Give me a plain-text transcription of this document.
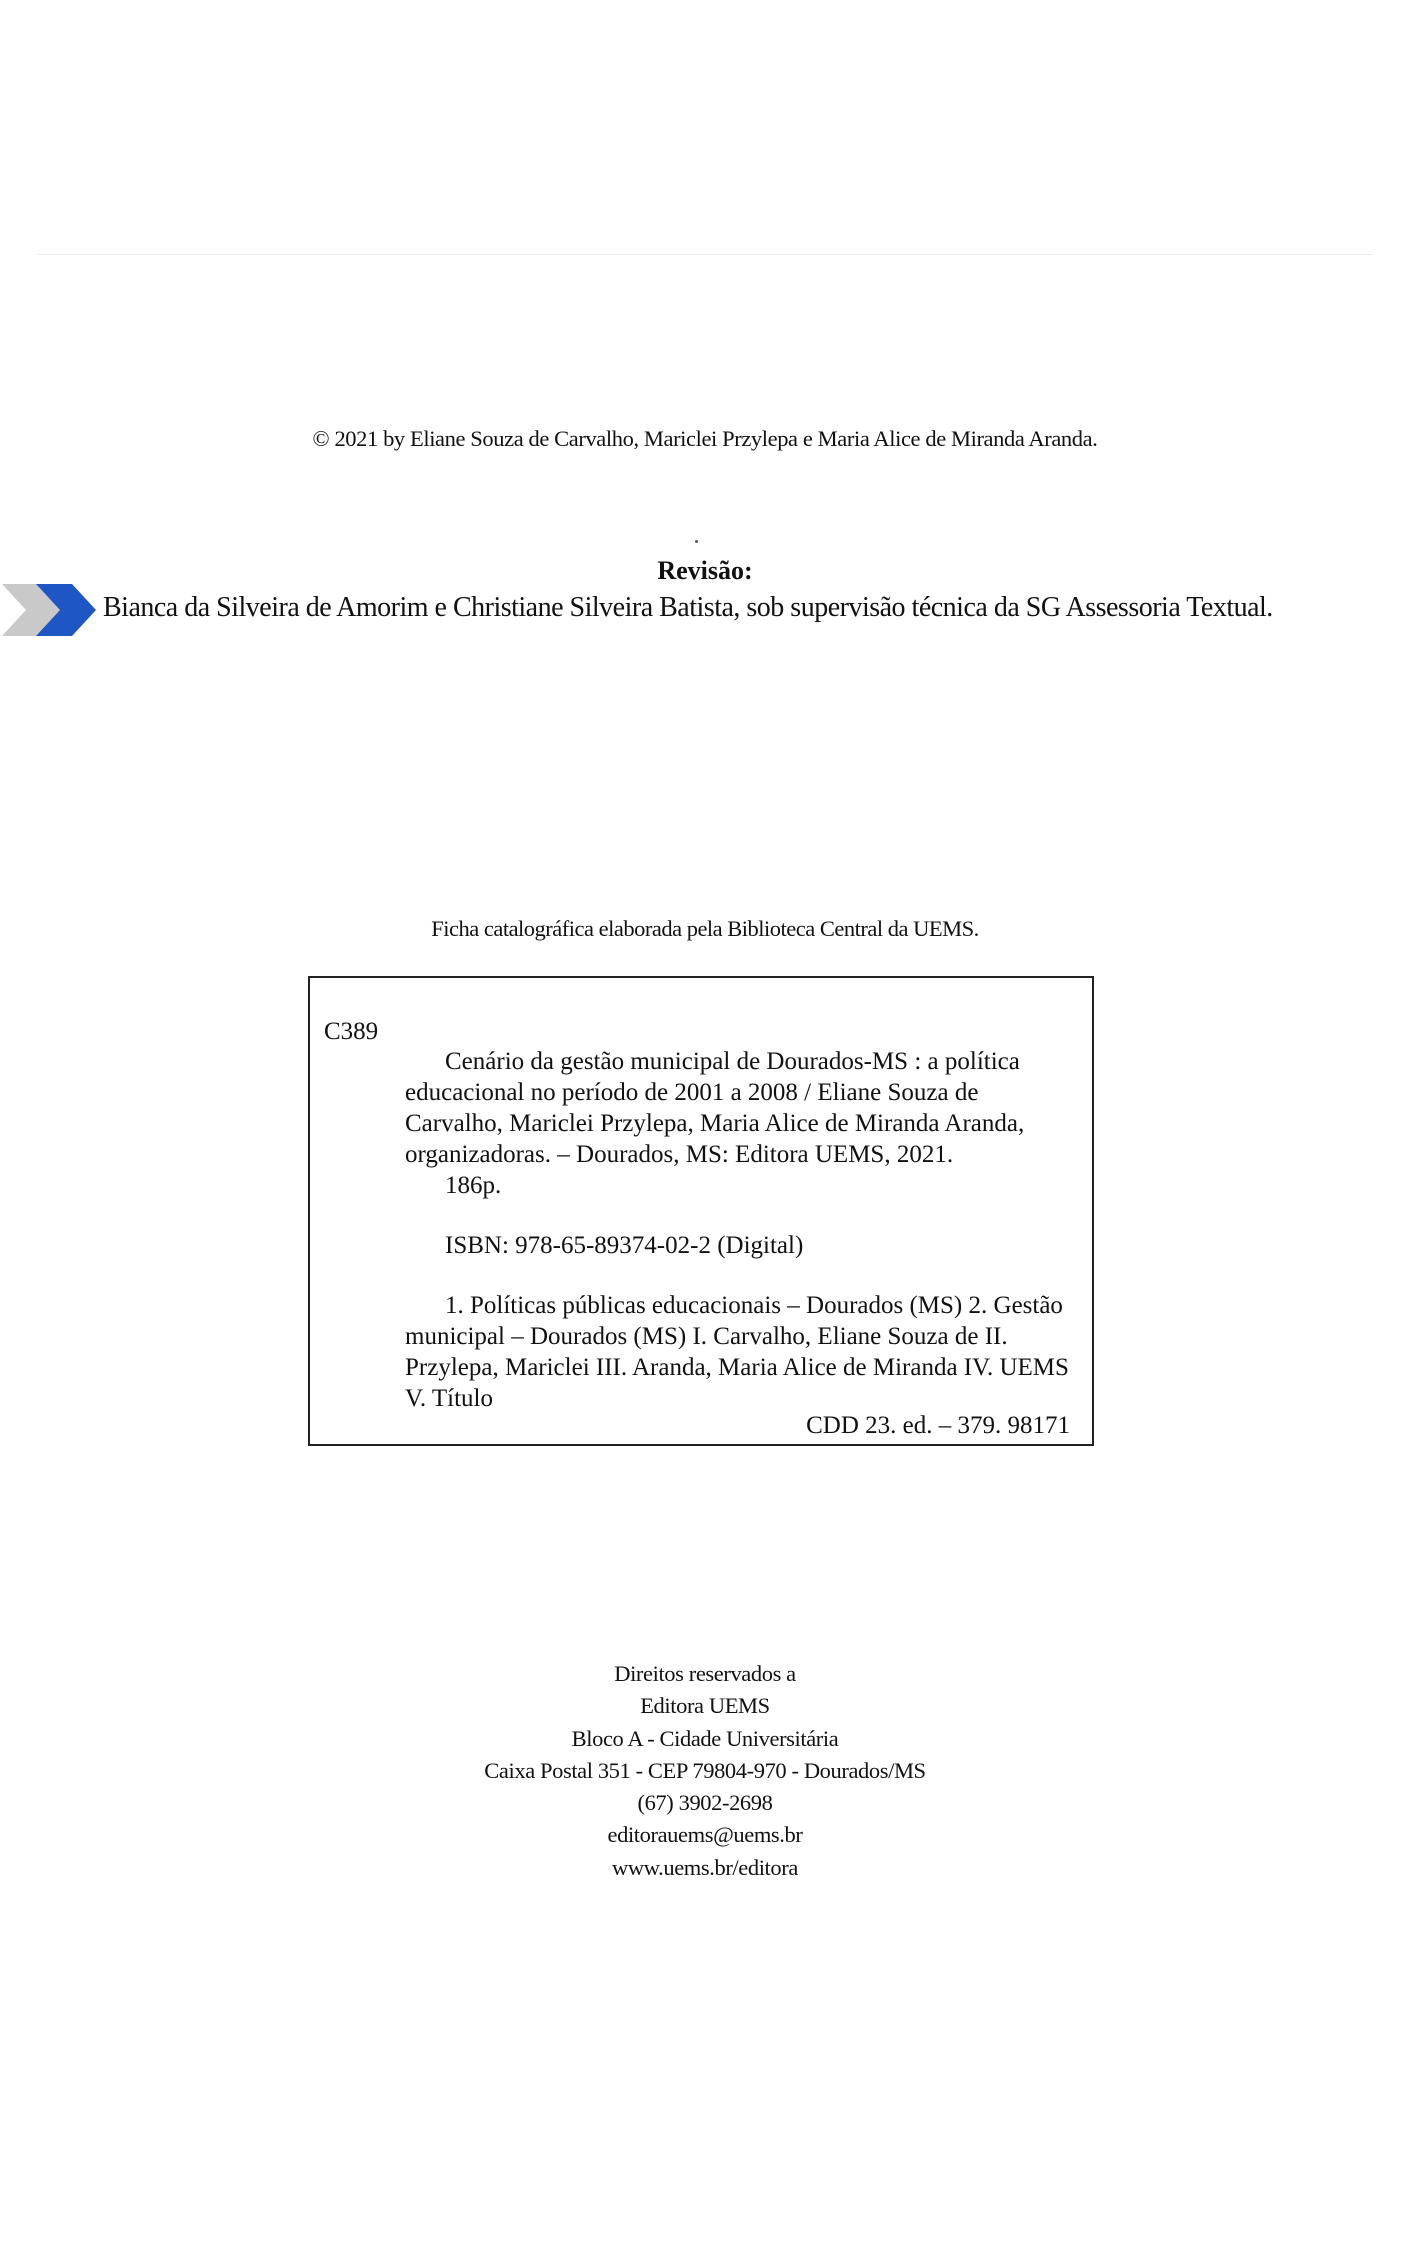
© 2021 by Eliane Souza de Carvalho, Mariclei Przylepa e Maria Alice de Miranda Aranda.
Revisão:
Bianca da Silveira de Amorim e Christiane Silveira Batista, sob supervisão técnica da SG Assessoria Textual.
Ficha catalográfica elaborada pela Biblioteca Central da UEMS.
C389

Cenário da gestão municipal de Dourados-MS : a política educacional no período de 2001 a 2008 / Eliane Souza de Carvalho, Mariclei Przylepa, Maria Alice de Miranda Aranda, organizadoras. – Dourados, MS: Editora UEMS, 2021.

186p.

ISBN: 978-65-89374-02-2 (Digital)

1. Políticas públicas educacionais – Dourados (MS) 2. Gestão municipal – Dourados (MS) I. Carvalho, Eliane Souza de II. Przylepa, Mariclei III. Aranda, Maria Alice de Miranda IV. UEMS V. Título

CDD 23. ed. – 379. 98171
Direitos reservados a
Editora UEMS
Bloco A - Cidade Universitária
Caixa Postal 351 - CEP 79804-970 - Dourados/MS
(67) 3902-2698
editorauems@uems.br
www.uems.br/editora
